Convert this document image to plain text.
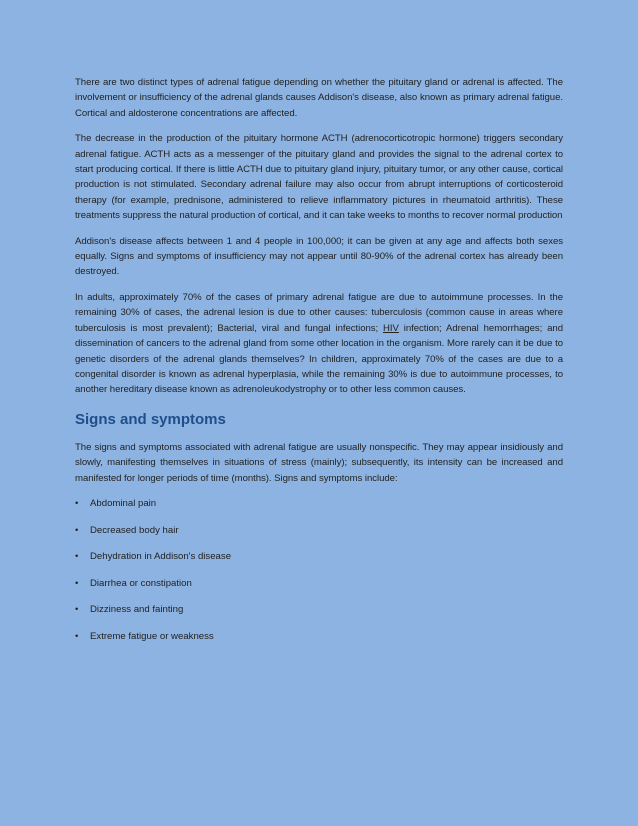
There are two distinct types of adrenal fatigue depending on whether the pituitary gland or adrenal is affected. The involvement or insufficiency of the adrenal glands causes Addison's disease, also known as primary adrenal fatigue. Cortical and aldosterone concentrations are affected.

The decrease in the production of the pituitary hormone ACTH (adrenocorticotropic hormone) triggers secondary adrenal fatigue. ACTH acts as a messenger of the pituitary gland and provides the signal to the adrenal cortex to start producing cortical. If there is little ACTH due to pituitary gland injury, pituitary tumor, or any other cause, cortical production is not stimulated. Secondary adrenal failure may also occur from abrupt interruptions of corticosteroid therapy (for example, prednisone, administered to relieve inflammatory pictures in rheumatoid arthritis). These treatments suppress the natural production of cortical, and it can take weeks to months to recover normal production

Addison's disease affects between 1 and 4 people in 100,000; it can be given at any age and affects both sexes equally. Signs and symptoms of insufficiency may not appear until 80-90% of the adrenal cortex has already been destroyed.

In adults, approximately 70% of the cases of primary adrenal fatigue are due to autoimmune processes. In the remaining 30% of cases, the adrenal lesion is due to other causes: tuberculosis (common cause in areas where tuberculosis is most prevalent); Bacterial, viral and fungal infections; HIV infection; Adrenal hemorrhages; and dissemination of cancers to the adrenal gland from some other location in the organism. More rarely can it be due to genetic disorders of the adrenal glands themselves? In children, approximately 70% of the cases are due to a congenital disorder is known as adrenal hyperplasia, while the remaining 30% is due to autoimmune processes, to another hereditary disease known as adrenoleukodystrophy or to other less common causes.

Signs and symptoms

The signs and symptoms associated with adrenal fatigue are usually nonspecific. They may appear insidiously and slowly, manifesting themselves in situations of stress (mainly); subsequently, its intensity can be increased and manifested for longer periods of time (months). Signs and symptoms include:

•	Abdominal pain
•	Decreased body hair
•	Dehydration in Addison's disease
•	Diarrhea or constipation
•	Dizziness and fainting
•	Extreme fatigue or weakness
